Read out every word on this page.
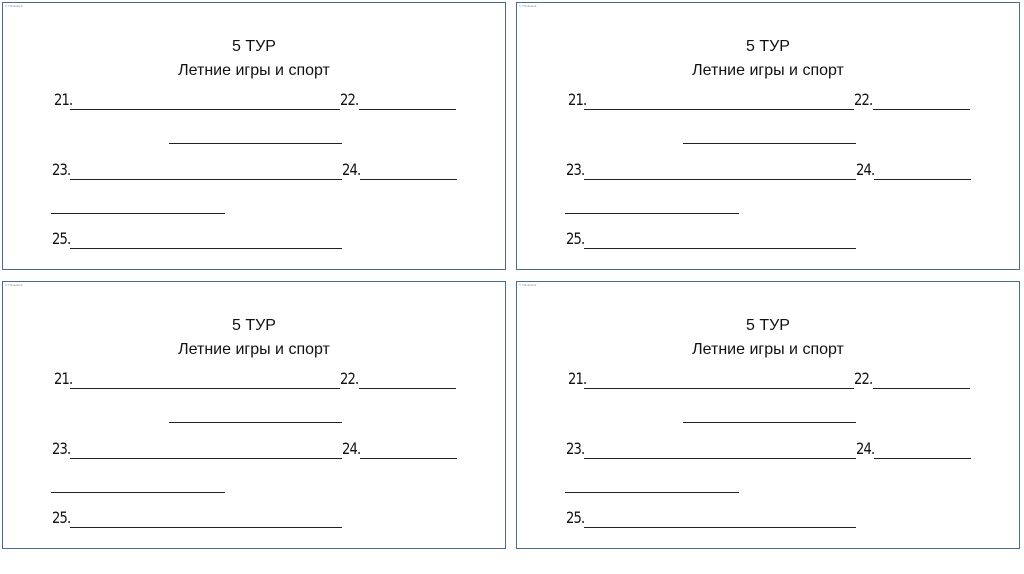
© Thinkstock
5 ТУР
Летние игры и спорт
21.	22.
23.	24.
25.
© Thinkstock
5 ТУР
Летние игры и спорт
21.	22.
23.	24.
25.
© Thinkstock
5 ТУР
Летние игры и спорт
21.	22.
23.	24.
25.
© Thinkstock
5 ТУР
Летние игры и спорт
21.	22.
23.	24.
25.
